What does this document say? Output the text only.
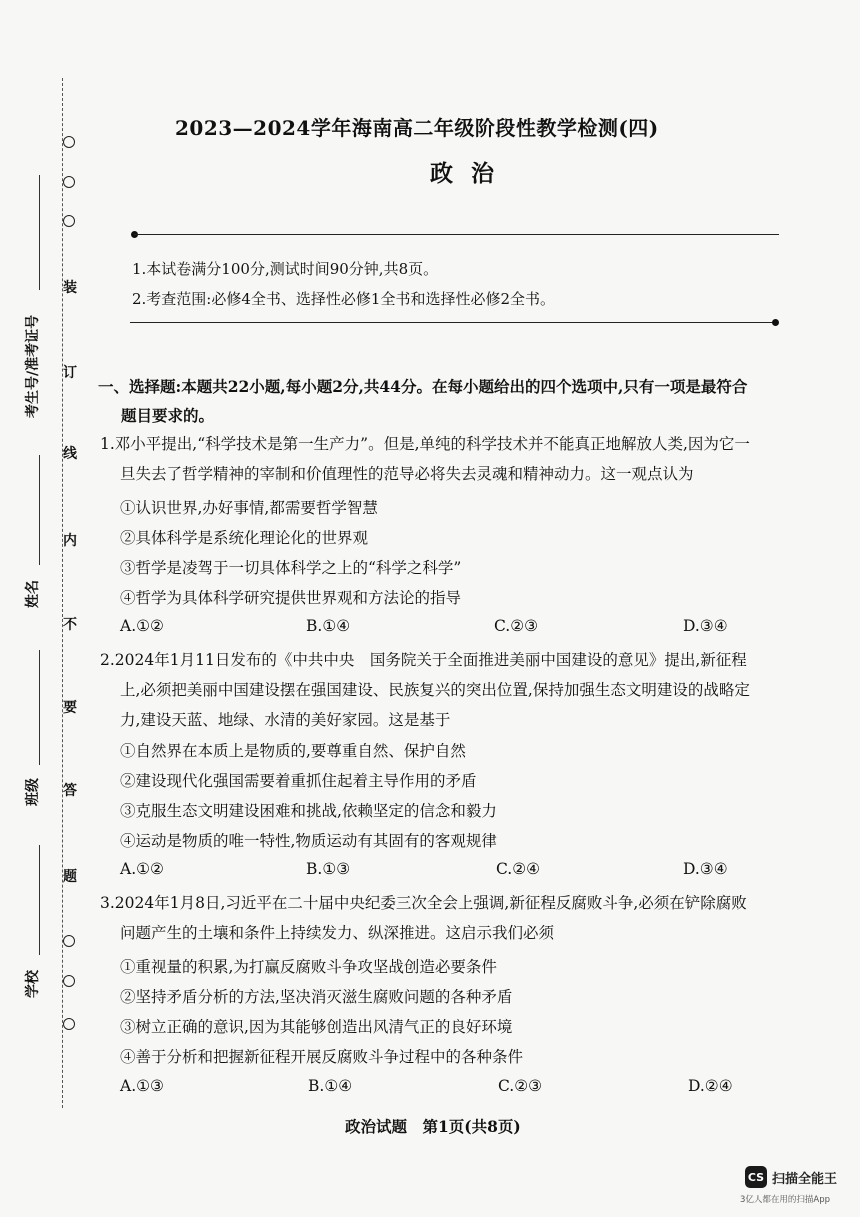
装
订
线
内
不
要
答
题
考生号/准考证号
姓名
班级
学校
2023—2024学年海南高二年级阶段性教学检测(四)
政治
1.本试卷满分100分,测试时间90分钟,共8页。
2.考查范围:必修4全书、选择性必修1全书和选择性必修2全书。
一、选择题:本题共22小题,每小题2分,共44分。在每小题给出的四个选项中,只有一项是最符合
题目要求的。
1.邓小平提出,“科学技术是第一生产力”。但是,单纯的科学技术并不能真正地解放人类,因为它一
旦失去了哲学精神的宰制和价值理性的范导必将失去灵魂和精神动力。这一观点认为
①认识世界,办好事情,都需要哲学智慧
②具体科学是系统化理论化的世界观
③哲学是凌驾于一切具体科学之上的“科学之科学”
④哲学为具体科学研究提供世界观和方法论的指导
A.①②	B.①④	C.②③	D.③④
2.2024年1月11日发布的《中共中央　国务院关于全面推进美丽中国建设的意见》提出,新征程
上,必须把美丽中国建设摆在强国建设、民族复兴的突出位置,保持加强生态文明建设的战略定
力,建设天蓝、地绿、水清的美好家园。这是基于
①自然界在本质上是物质的,要尊重自然、保护自然
②建设现代化强国需要着重抓住起着主导作用的矛盾
③克服生态文明建设困难和挑战,依赖坚定的信念和毅力
④运动是物质的唯一特性,物质运动有其固有的客观规律
A.①②	B.①③	C.②④	D.③④
3.2024年1月8日,习近平在二十届中央纪委三次全会上强调,新征程反腐败斗争,必须在铲除腐败
问题产生的土壤和条件上持续发力、纵深推进。这启示我们必须
①重视量的积累,为打赢反腐败斗争攻坚战创造必要条件
②坚持矛盾分析的方法,坚决消灭滋生腐败问题的各种矛盾
③树立正确的意识,因为其能够创造出风清气正的良好环境
④善于分析和把握新征程开展反腐败斗争过程中的各种条件
A.①③	B.①④	C.②③	D.②④
政治试题　第1页(共8页)
CS 扫描全能王
3亿人都在用的扫描App
